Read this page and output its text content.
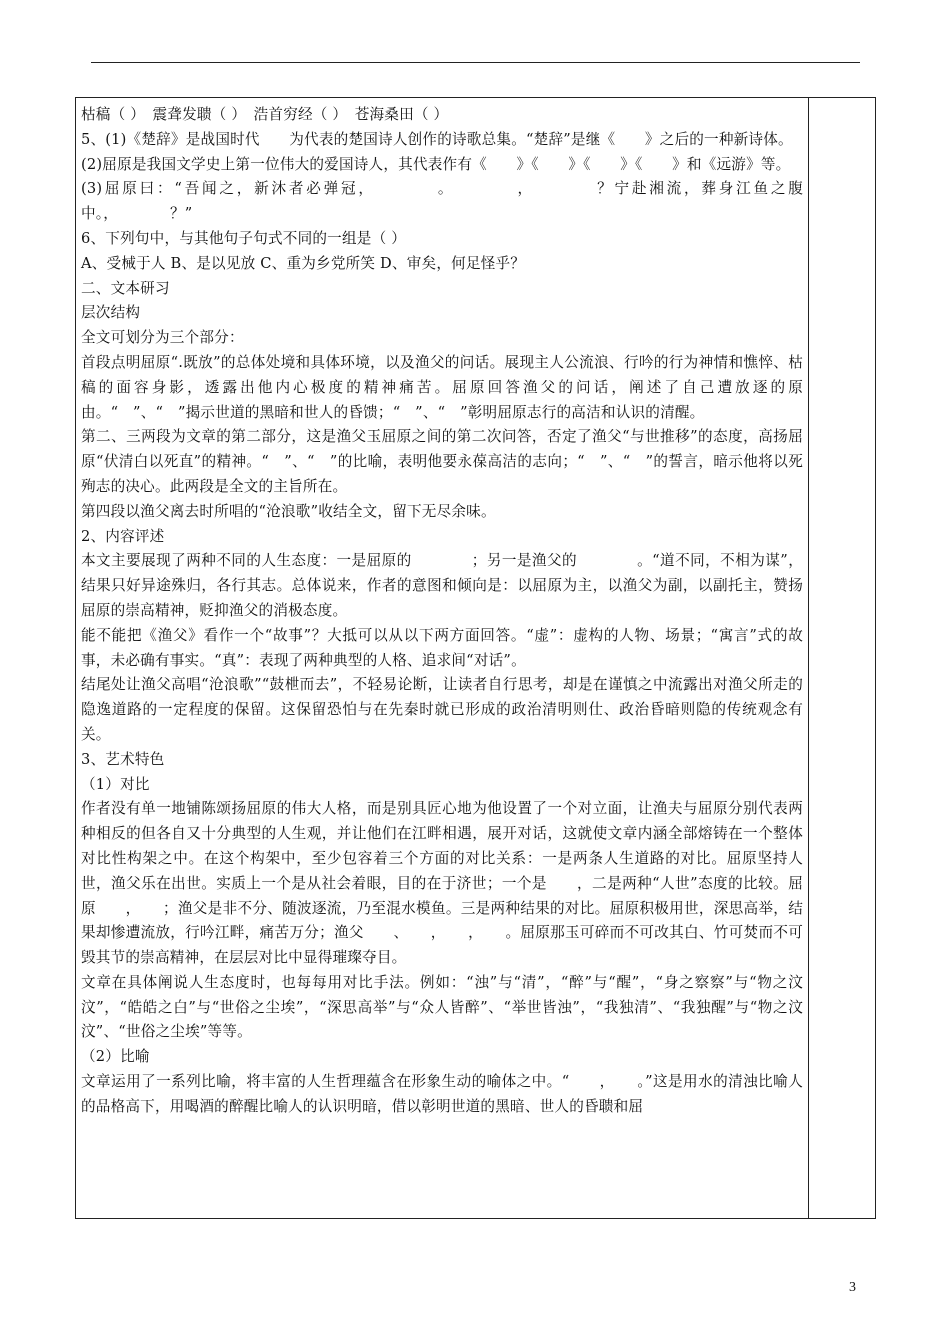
枯稿（ ）　震聋发聩（ ）　浩首穷经（ ）　苍海桑田（ ）

5、(1)《楚辞》是战国时代　　为代表的楚国诗人创作的诗歌总集。“楚辞”是继《　　》之后的一种新诗体。

(2)屈原是我国文学史上第一位伟大的爱国诗人，其代表作有《　　》《　　》《　　》《　　》和《远游》等。

(3)屈原曰：“吾闻之，新沐者必弹冠，　　　　。　　　　，　　　　？宁赴湘流，葬身江鱼之腹中。，　　　　？”

6、下列句中，与其他句子句式不同的一组是（ ）

A、受械于人 B、是以见放 C、重为乡党所笑 D、审矣，何足怪乎？

二、文本研习

层次结构

全文可划分为三个部分：

首段点明屈原“.既放”的总体处境和具体环境，以及渔父的问话。展现主人公流浪、行吟的行为神情和憔悴、枯稿的面容身影，透露出他内心极度的精神痛苦。屈原回答渔父的问话，阐述了自己遭放逐的原由。“　”、“　”揭示世道的黑暗和世人的昏馈；“　”、“　”彰明屈原志行的高洁和认识的清醒。

第二、三两段为文章的第二部分，这是渔父玉屈原之间的第二次问答，否定了渔父“与世推移”的态度，高扬屈原“伏清白以死直”的精神。“　”、“　”的比喻，表明他要永葆高洁的志向；“　”、“　”的誓言，暗示他将以死殉志的决心。此两段是全文的主旨所在。

第四段以渔父离去时所唱的“沧浪歌”收结全文，留下无尽余味。

2、内容评述

本文主要展现了两种不同的人生态度：一是屈原的　　　　；另一是渔父的　　　　。“道不同，不相为谋”，结果只好异途殊归，各行其志。总体说来，作者的意图和倾向是：以屈原为主，以渔父为副，以副托主，赞扬屈原的崇高精神，贬抑渔父的消极态度。

能不能把《渔父》看作一个“故事”？大抵可以从以下两方面回答。“虚”：虚构的人物、场景；“寓言”式的故事，未必确有事实。“真”：表现了两种典型的人格、追求间“对话”。

结尾处让渔父高唱“沧浪歌”“鼓枻而去”，不轻易论断，让读者自行思考，却是在谨慎之中流露出对渔父所走的隐逸道路的一定程度的保留。这保留恐怕与在先秦时就已形成的政治清明则仕、政治昏暗则隐的传统观念有关。

3、艺术特色

（1）对比

作者没有单一地铺陈颂扬屈原的伟大人格，而是别具匠心地为他设置了一个对立面，让渔夫与屈原分别代表两种相反的但各自又十分典型的人生观，并让他们在江畔相遇，展开对话，这就使文章内涵全部熔铸在一个整体对比性构架之中。在这个构架中，至少包容着三个方面的对比关系：一是两条人生道路的对比。屈原坚持人世，渔父乐在出世。实质上一个是从社会着眼，目的在于济世；一个是　　，二是两种“人世”态度的比较。屈原　　，　　；渔父是非不分、随波逐流，乃至混水模鱼。三是两种结果的对比。屈原积极用世，深思高举，结果却惨遭流放，行吟江畔，痛苦万分；渔父　　、　　，　　，　　。屈原那玉可碎而不可改其白、竹可焚而不可毁其节的崇高精神，在层层对比中显得璀璨夺目。

文章在具体阐说人生态度时，也每每用对比手法。例如：“浊”与“清”，“醉”与“醒”，“身之察察”与“物之汶汶”，“皓皓之白”与“世俗之尘埃”，“深思高举”与“众人皆醉”、“举世皆浊”，“我独清”、“我独醒”与“物之汶汶”、“世俗之尘埃”等等。

（2）比喻

文章运用了一系列比喻，将丰富的人生哲理蕴含在形象生动的喻体之中。“　　，　　。”这是用水的清浊比喻人的品格高下，用喝酒的醉醒比喻人的认识明暗，借以彰明世道的黑暗、世人的昏聩和屈

3
